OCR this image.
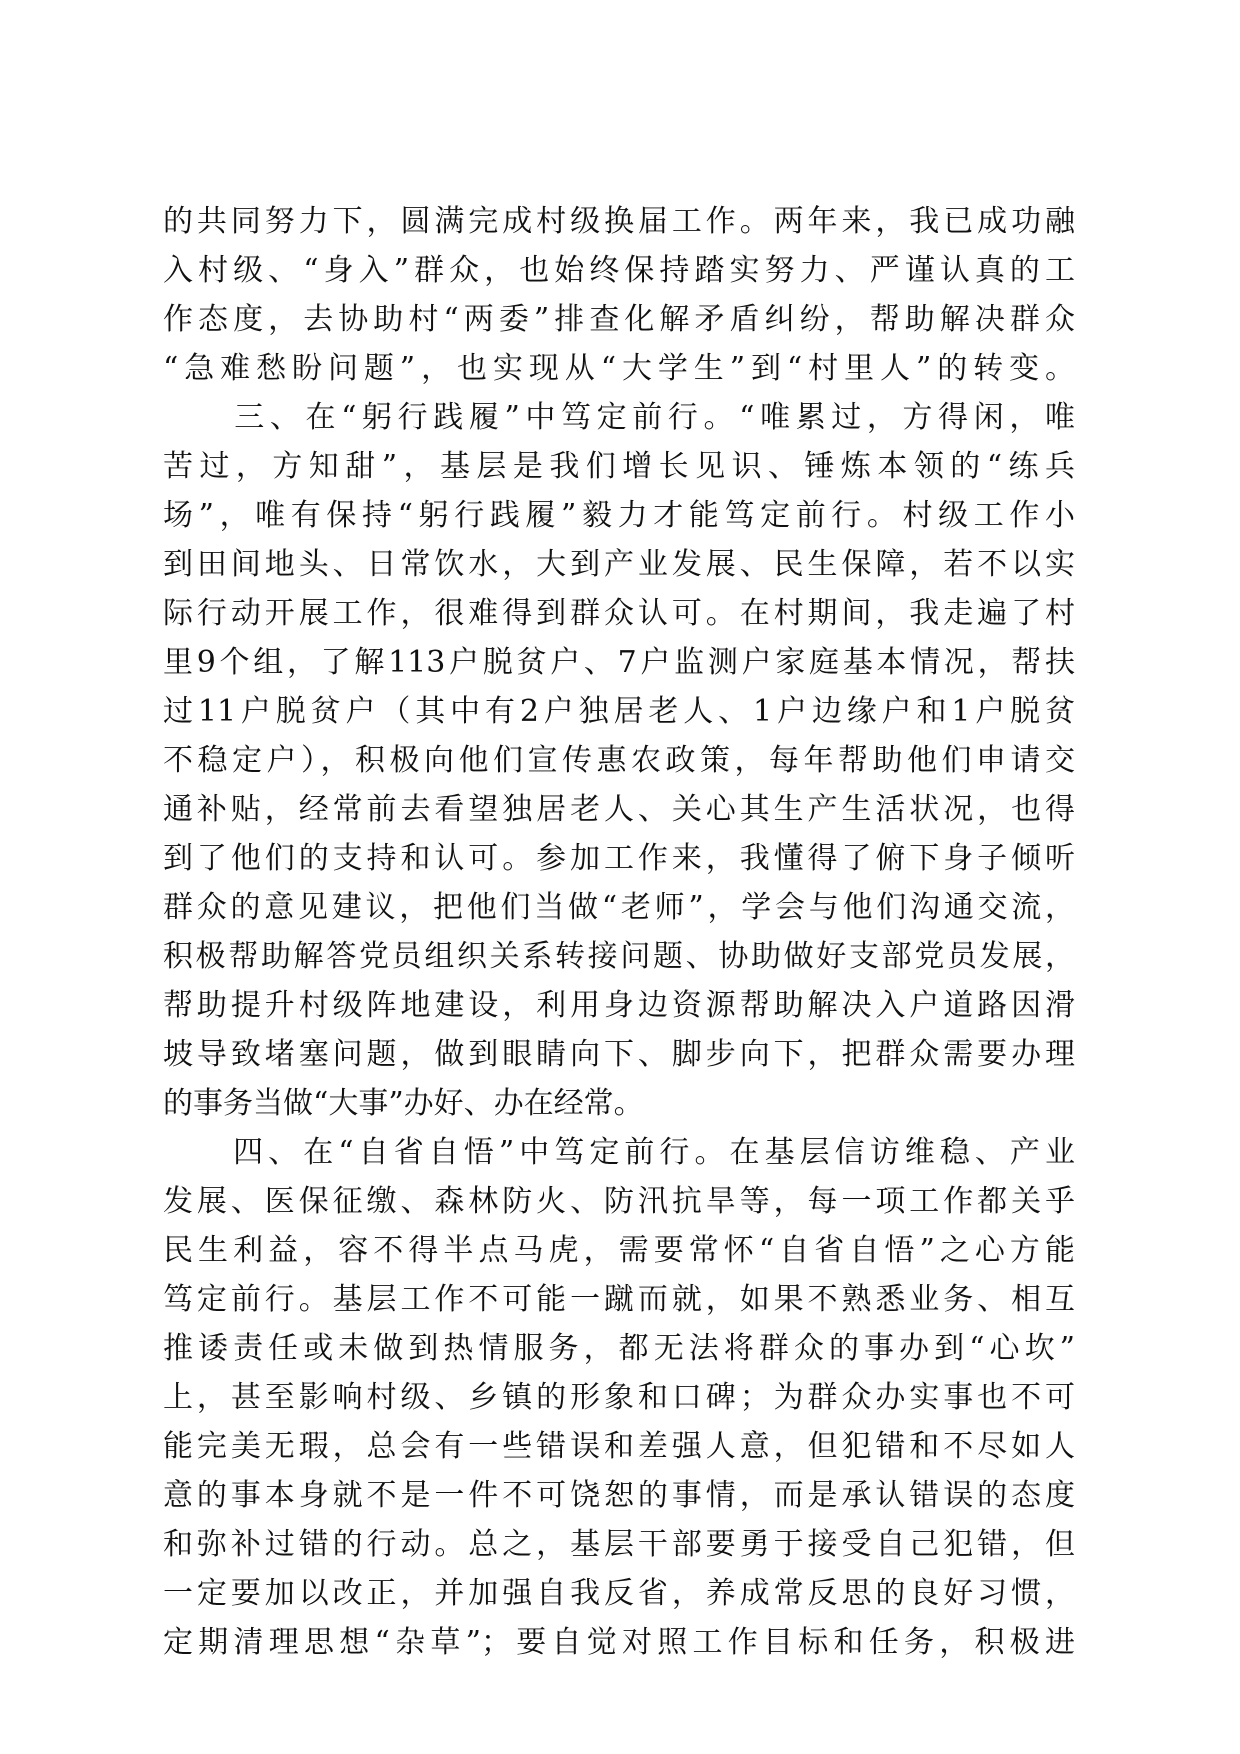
的共同努力下，圆满完成村级换届工作。两年来，我已成功融
入村级、“身入”群众，也始终保持踏实努力、严谨认真的工
作态度，去协助村“两委”排查化解矛盾纠纷，帮助解决群众
“急难愁盼问题”，也实现从“大学生”到“村里人”的转变。
　　三、在“躬行践履”中笃定前行。“唯累过，方得闲，唯
苦过，方知甜”，基层是我们增长见识、锤炼本领的“练兵
场”，唯有保持“躬行践履”毅力才能笃定前行。村级工作小
到田间地头、日常饮水，大到产业发展、民生保障，若不以实
际行动开展工作，很难得到群众认可。在村期间，我走遍了村
里9个组，了解113户脱贫户、7户监测户家庭基本情况，帮扶
过11户脱贫户（其中有2户独居老人、1户边缘户和1户脱贫
不稳定户），积极向他们宣传惠农政策，每年帮助他们申请交
通补贴，经常前去看望独居老人、关心其生产生活状况，也得
到了他们的支持和认可。参加工作来，我懂得了俯下身子倾听
群众的意见建议，把他们当做“老师”，学会与他们沟通交流，
积极帮助解答党员组织关系转接问题、协助做好支部党员发展，
帮助提升村级阵地建设，利用身边资源帮助解决入户道路因滑
坡导致堵塞问题，做到眼睛向下、脚步向下，把群众需要办理
的事务当做“大事”办好、办在经常。
　　四、在“自省自悟”中笃定前行。在基层信访维稳、产业
发展、医保征缴、森林防火、防汛抗旱等，每一项工作都关乎
民生利益，容不得半点马虎，需要常怀“自省自悟”之心方能
笃定前行。基层工作不可能一蹴而就，如果不熟悉业务、相互
推诿责任或未做到热情服务，都无法将群众的事办到“心坎”
上，甚至影响村级、乡镇的形象和口碑；为群众办实事也不可
能完美无瑕，总会有一些错误和差强人意，但犯错和不尽如人
意的事本身就不是一件不可饶恕的事情，而是承认错误的态度
和弥补过错的行动。总之，基层干部要勇于接受自己犯错，但
一定要加以改正，并加强自我反省，养成常反思的良好习惯，
定期清理思想“杂草”；要自觉对照工作目标和任务，积极进
